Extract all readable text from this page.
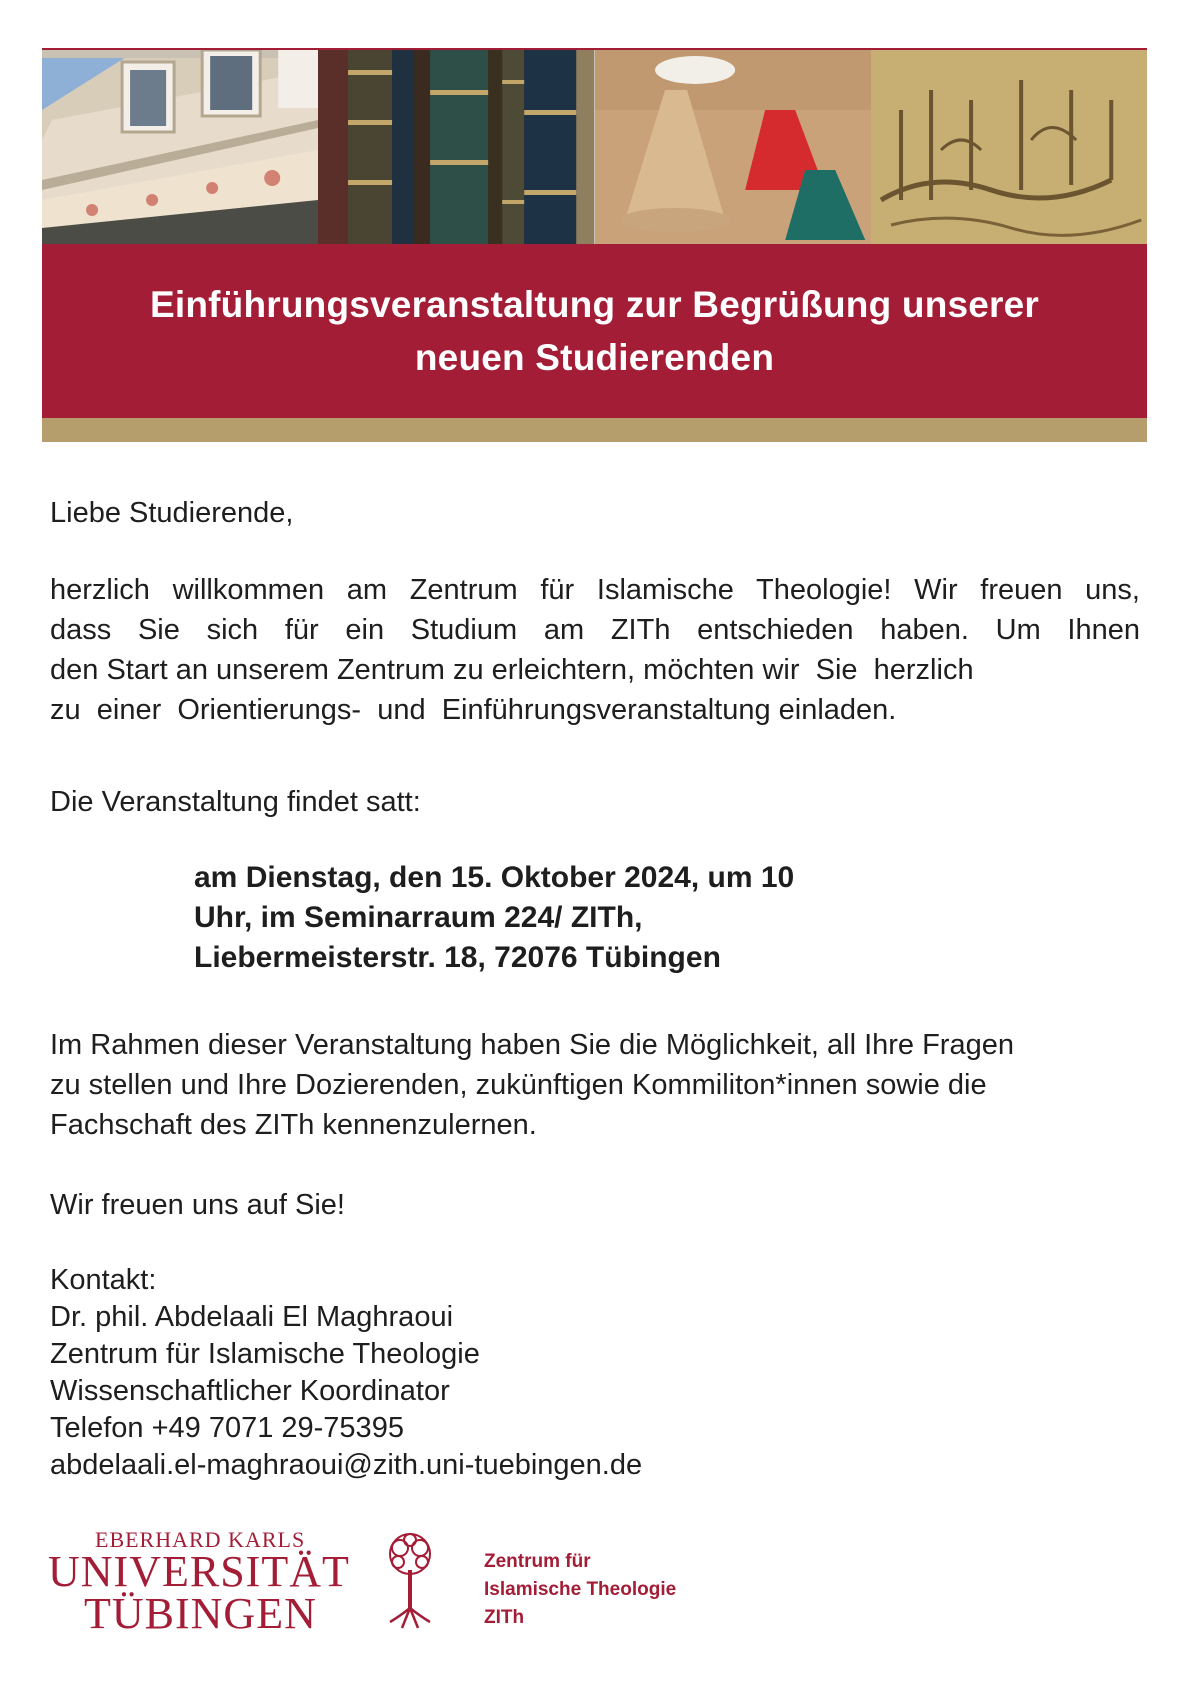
Einführungsveranstaltung zur Begrüßung unserer
neuen Studierenden

Liebe Studierende,

herzlich willkommen am Zentrum für Islamische Theologie! Wir freuen uns,

dass Sie sich für ein Studium am ZITh entschieden haben. Um Ihnen

den Start an unserem Zentrum zu erleichtern, möchten wir  Sie  herzlich

zu  einer  Orientierungs-  und  Einführungsveranstaltung einladen.

Die Veranstaltung findet satt:

am Dienstag, den 15. Oktober 2024, um 10
Uhr, im Seminarraum 224/ ZITh,
Liebermeisterstr. 18, 72076 Tübingen

Im Rahmen dieser Veranstaltung haben Sie die Möglichkeit, all Ihre Fragen

zu stellen und Ihre Dozierenden, zukünftigen Kommiliton*innen sowie die

Fachschaft des ZITh kennenzulernen.

Wir freuen uns auf Sie!

Kontakt:
Dr. phil. Abdelaali El Maghraoui
Zentrum für Islamische Theologie
Wissenschaftlicher Koordinator
Telefon +49 7071 29-75395
abdelaali.el-maghraoui@zith.uni-tuebingen.de
EBERHARD KARLS
UNIVERSITÄT
TÜBINGEN
Zentrum für
Islamische Theologie
ZITh
